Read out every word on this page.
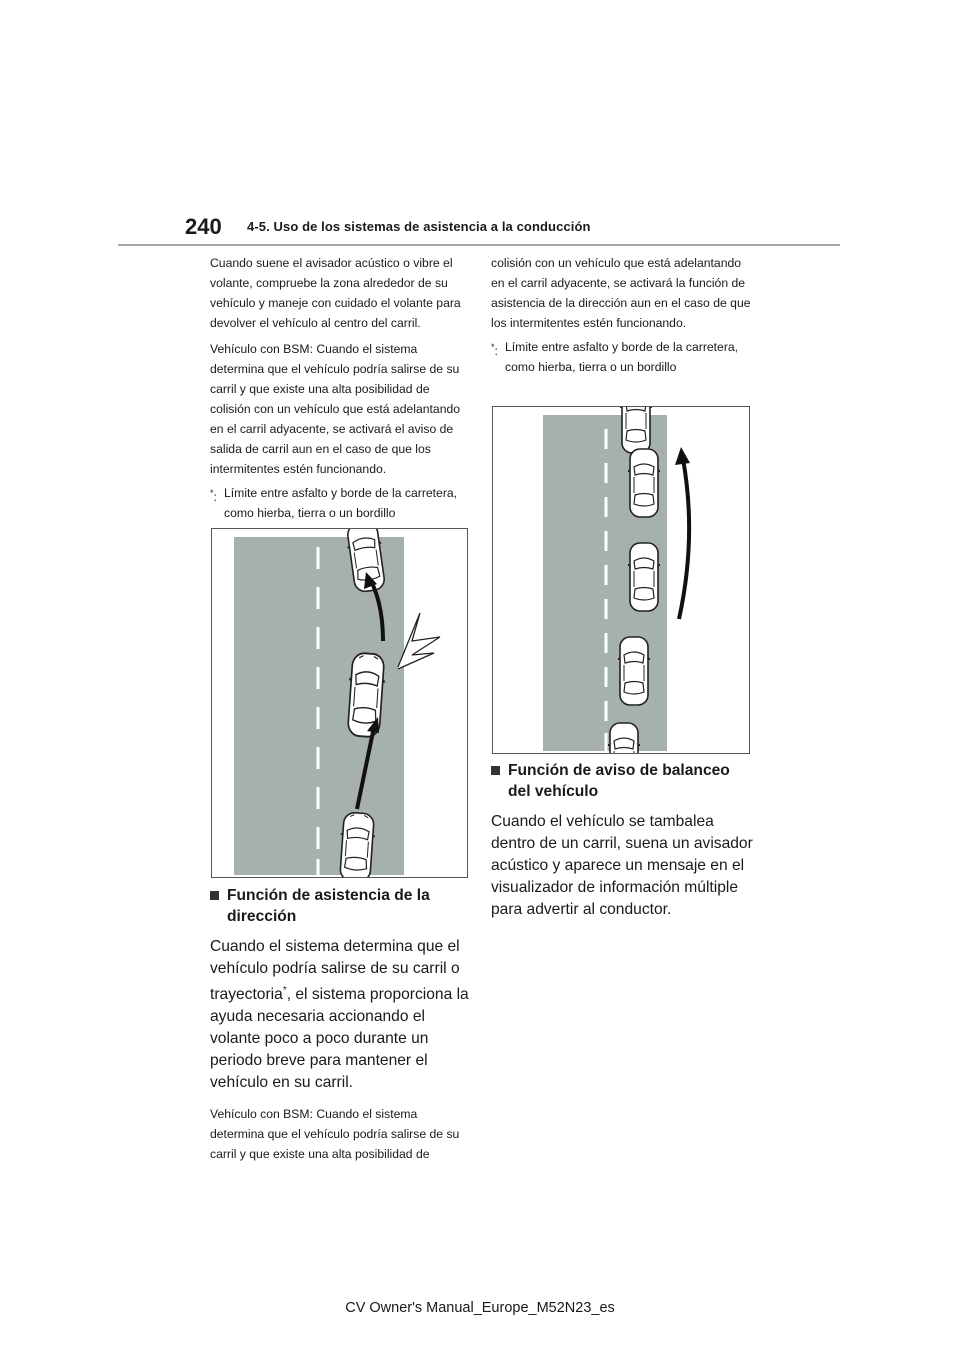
240 4-5. Uso de los sistemas de asistencia a la conducción

Cuando suene el avisador acústico o vibre el volante, compruebe la zona alrededor de su vehículo y maneje con cuidado el volante para devolver el vehículo al centro del carril.

Vehículo con BSM: Cuando el sistema determina que el vehículo podría salirse de su carril y que existe una alta posibilidad de colisión con un vehículo que está adelantando en el carril adyacente, se activará el aviso de salida de carril aun en el caso de que los intermitentes estén funcionando.

*: Límite entre asfalto y borde de la carretera, como hierba, tierra o un bordillo
Función de asistencia de la dirección

Cuando el sistema determina que el vehículo podría salirse de su carril o trayectoria*, el sistema proporciona la ayuda necesaria accionando el volante poco a poco durante un periodo breve para mantener el vehículo en su carril.

Vehículo con BSM: Cuando el sistema determina que el vehículo podría salirse de su carril y que existe una alta posibilidad de

colisión con un vehículo que está adelantando en el carril adyacente, se activará la función de asistencia de la dirección aun en el caso de que los intermitentes estén funcionando.

*: Límite entre asfalto y borde de la carretera, como hierba, tierra o un bordillo
Función de aviso de balanceo del vehículo

Cuando el vehículo se tambalea dentro de un carril, suena un avisador acústico y aparece un mensaje en el visualizador de información múltiple para advertir al conductor.

CV Owner's Manual_Europe_M52N23_es
